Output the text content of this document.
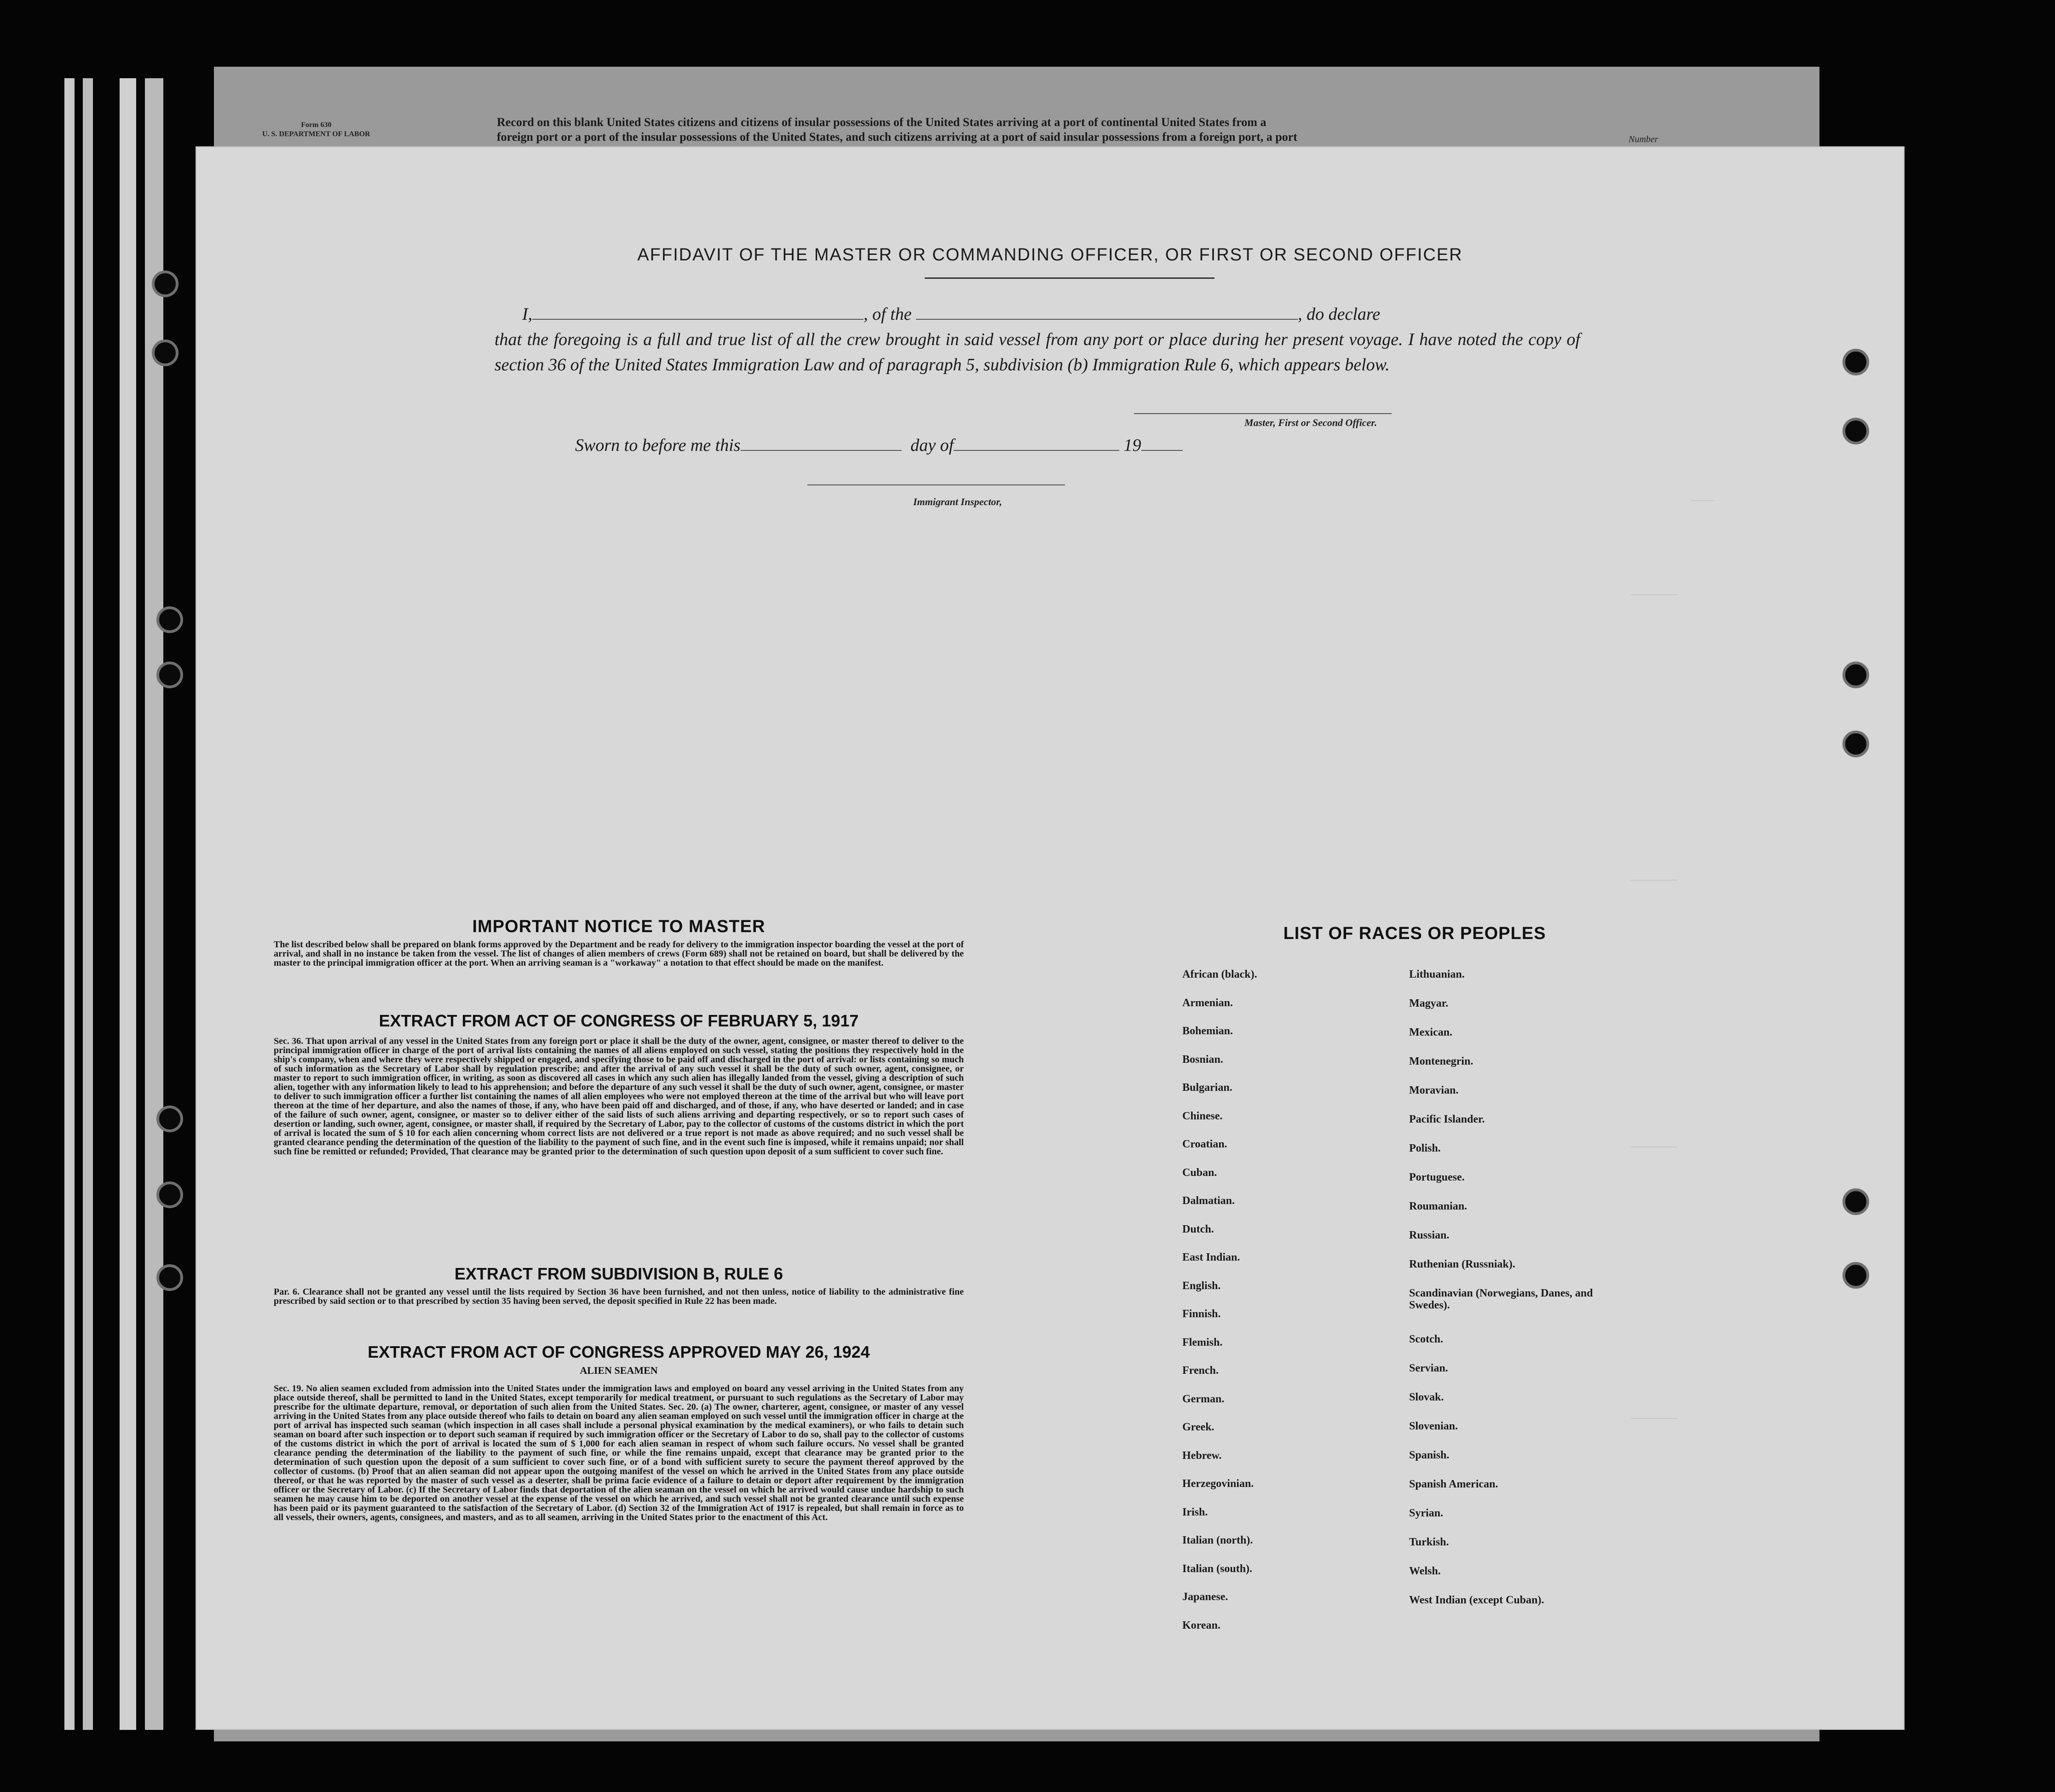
Form 630
U. S. DEPARTMENT OF LABOR
Record on this blank United States citizens and citizens of insular possessions of the United States arriving at a port of continental United States from a
foreign port or a port of the insular possessions of the United States, and such citizens arriving at a port of said insular possessions from a foreign port, a port	Number
———
——————
——————
——————
——————
AFFIDAVIT OF THE MASTER OR COMMANDING OFFICER, OR FIRST OR SECOND OFFICER
I,	, of the	, do declare
that the foregoing is a full and true list of all the crew brought in said vessel from any port or place during her present voyage. I have noted the copy of section 36 of the United States Immigration Law and of paragraph 5, subdivision (b) Immigration Rule 6, which appears below.
Master, First or Second Officer.
Sworn to before me this	day of	19
Immigrant Inspector,
IMPORTANT NOTICE TO MASTER
The list described below shall be prepared on blank forms approved by the Department and be ready for delivery to the immigration inspector boarding the vessel at the port of arrival, and shall in no instance be taken from the vessel. The list of changes of alien members of crews (Form 689) shall not be retained on board, but shall be delivered by the master to the principal immigration officer at the port. When an arriving seaman is a "workaway" a notation to that effect should be made on the manifest.
EXTRACT FROM ACT OF CONGRESS OF FEBRUARY 5, 1917
Sec. 36. That upon arrival of any vessel in the United States from any foreign port or place it shall be the duty of the owner, agent, consignee, or master thereof to deliver to the principal immigration officer in charge of the port of arrival lists containing the names of all aliens employed on such vessel, stating the positions they respectively hold in the ship's company, when and where they were respectively shipped or engaged, and specifying those to be paid off and discharged in the port of arrival: or lists containing so much of such information as the Secretary of Labor shall by regulation prescribe; and after the arrival of any such vessel it shall be the duty of such owner, agent, consignee, or master to report to such immigration officer, in writing, as soon as discovered all cases in which any such alien has illegally landed from the vessel, giving a description of such alien, together with any information likely to lead to his apprehension; and before the departure of any such vessel it shall be the duty of such owner, agent, consignee, or master to deliver to such immigration officer a further list containing the names of all alien employees who were not employed thereon at the time of the arrival but who will leave port thereon at the time of her departure, and also the names of those, if any, who have been paid off and discharged, and of those, if any, who have deserted or landed; and in case of the failure of such owner, agent, consignee, or master so to deliver either of the said lists of such aliens arriving and departing respectively, or so to report such cases of desertion or landing, such owner, agent, consignee, or master shall, if required by the Secretary of Labor, pay to the collector of customs of the customs district in which the port of arrival is located the sum of $ 10 for each alien concerning whom correct lists are not delivered or a true report is not made as above required; and no such vessel shall be granted clearance pending the determination of the question of the liability to the payment of such fine, and in the event such fine is imposed, while it remains unpaid; nor shall such fine be remitted or refunded; Provided, That clearance may be granted prior to the determination of such question upon deposit of a sum sufficient to cover such fine.
EXTRACT FROM SUBDIVISION B, RULE 6
Par. 6. Clearance shall not be granted any vessel until the lists required by Section 36 have been furnished, and not then unless, notice of liability to the administrative fine prescribed by said section or to that prescribed by section 35 having been served, the deposit specified in Rule 22 has been made.
EXTRACT FROM ACT OF CONGRESS APPROVED MAY 26, 1924
ALIEN SEAMEN
Sec. 19. No alien seamen excluded from admission into the United States under the immigration laws and employed on board any vessel arriving in the United States from any place outside thereof, shall be permitted to land in the United States, except temporarily for medical treatment, or pursuant to such regulations as the Secretary of Labor may prescribe for the ultimate departure, removal, or deportation of such alien from the United States. Sec. 20. (a) The owner, charterer, agent, consignee, or master of any vessel arriving in the United States from any place outside thereof who fails to detain on board any alien seaman employed on such vessel until the immigration officer in charge at the port of arrival has inspected such seaman (which inspection in all cases shall include a personal physical examination by the medical examiners), or who fails to detain such seaman on board after such inspection or to deport such seaman if required by such immigration officer or the Secretary of Labor to do so, shall pay to the collector of customs of the customs district in which the port of arrival is located the sum of $ 1,000 for each alien seaman in respect of whom such failure occurs. No vessel shall be granted clearance pending the determination of the liability to the payment of such fine, or while the fine remains unpaid, except that clearance may be granted prior to the determination of such question upon the deposit of a sum sufficient to cover such fine, or of a bond with sufficient surety to secure the payment thereof approved by the collector of customs. (b) Proof that an alien seaman did not appear upon the outgoing manifest of the vessel on which he arrived in the United States from any place outside thereof, or that he was reported by the master of such vessel as a deserter, shall be prima facie evidence of a failure to detain or deport after requirement by the immigration officer or the Secretary of Labor. (c) If the Secretary of Labor finds that deportation of the alien seaman on the vessel on which he arrived would cause undue hardship to such seamen he may cause him to be deported on another vessel at the expense of the vessel on which he arrived, and such vessel shall not be granted clearance until such expense has been paid or its payment guaranteed to the satisfaction of the Secretary of Labor. (d) Section 32 of the Immigration Act of 1917 is repealed, but shall remain in force as to all vessels, their owners, agents, consignees, and masters, and as to all seamen, arriving in the United States prior to the enactment of this Act.
LIST OF RACES OR PEOPLES
African (black).
Armenian.
Bohemian.
Bosnian.
Bulgarian.
Chinese.
Croatian.
Cuban.
Dalmatian.
Dutch.
East Indian.
English.
Finnish.
Flemish.
French.
German.
Greek.
Hebrew.
Herzegovinian.
Irish.
Italian (north).
Italian (south).
Japanese.
Korean.
Lithuanian.
Magyar.
Mexican.
Montenegrin.
Moravian.
Pacific Islander.
Polish.
Portuguese.
Roumanian.
Russian.
Ruthenian (Russniak).
Scandinavian (Norwegians, Danes, and Swedes).
Scotch.
Servian.
Slovak.
Slovenian.
Spanish.
Spanish American.
Syrian.
Turkish.
Welsh.
West Indian (except Cuban).
